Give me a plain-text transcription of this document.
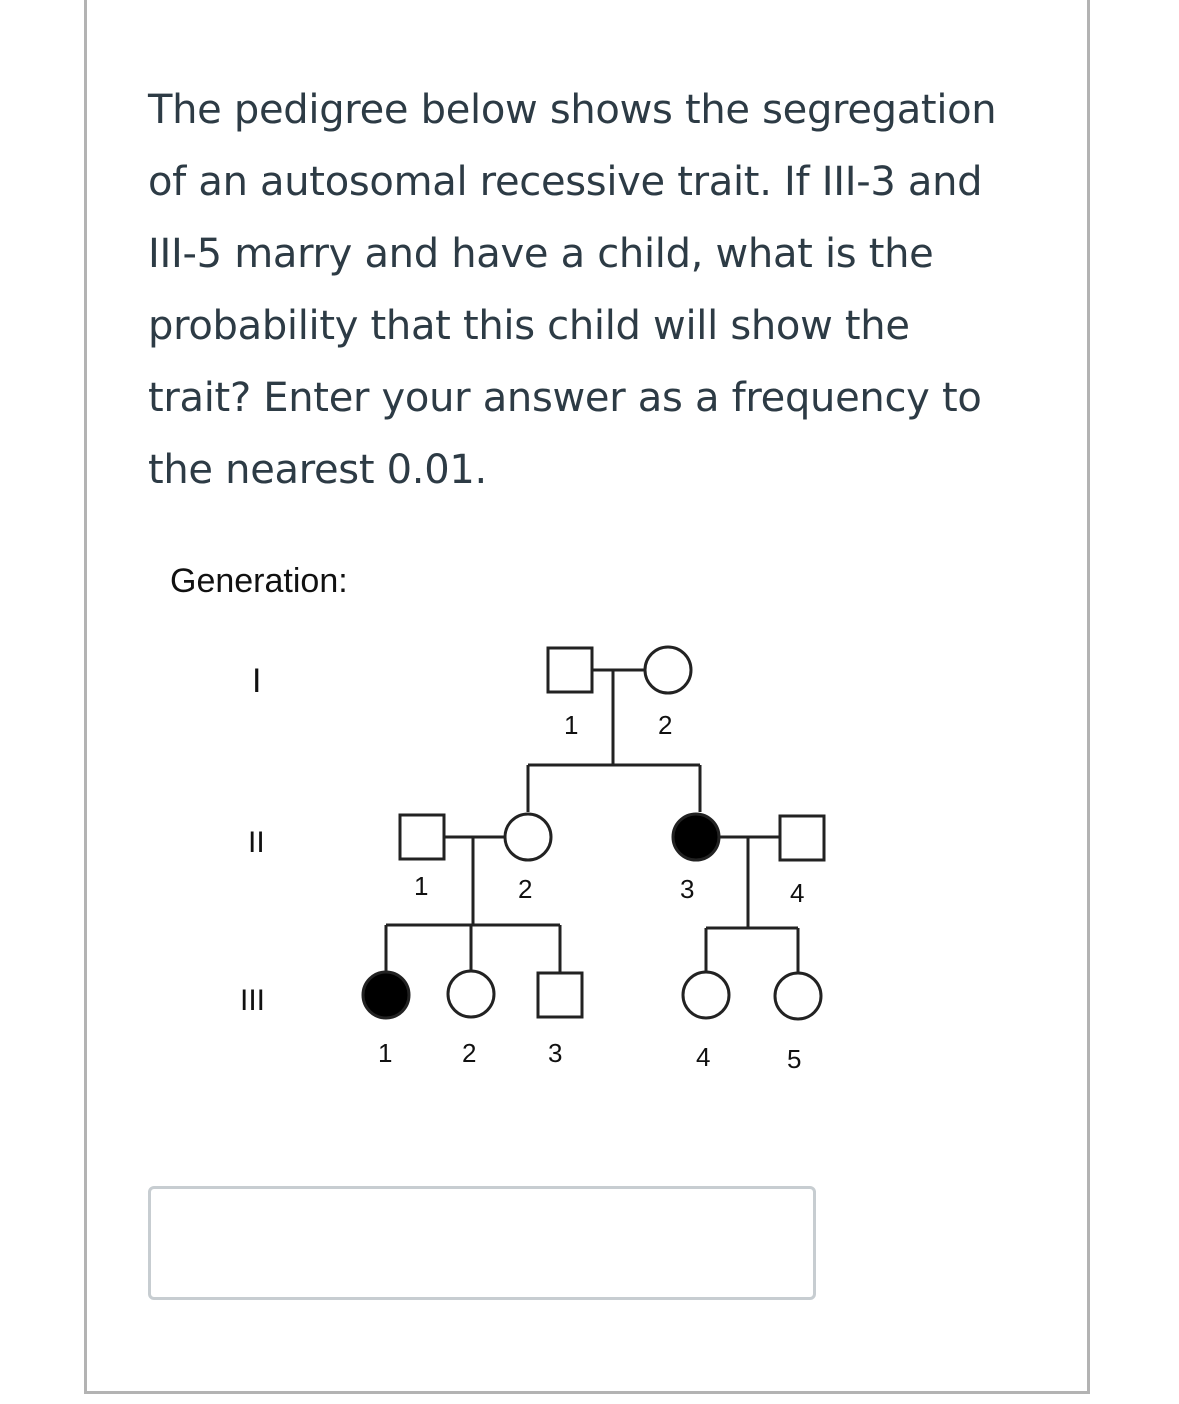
The pedigree below shows the segregation
of an autosomal recessive trait. If III-3 and
III-5 marry and have a child, what is the
probability that this child will show the
trait? Enter your answer as a frequency to
the nearest 0.01.

Generation:
I
II
III
1	2
1	2	3	4
1	2	3	4	5
